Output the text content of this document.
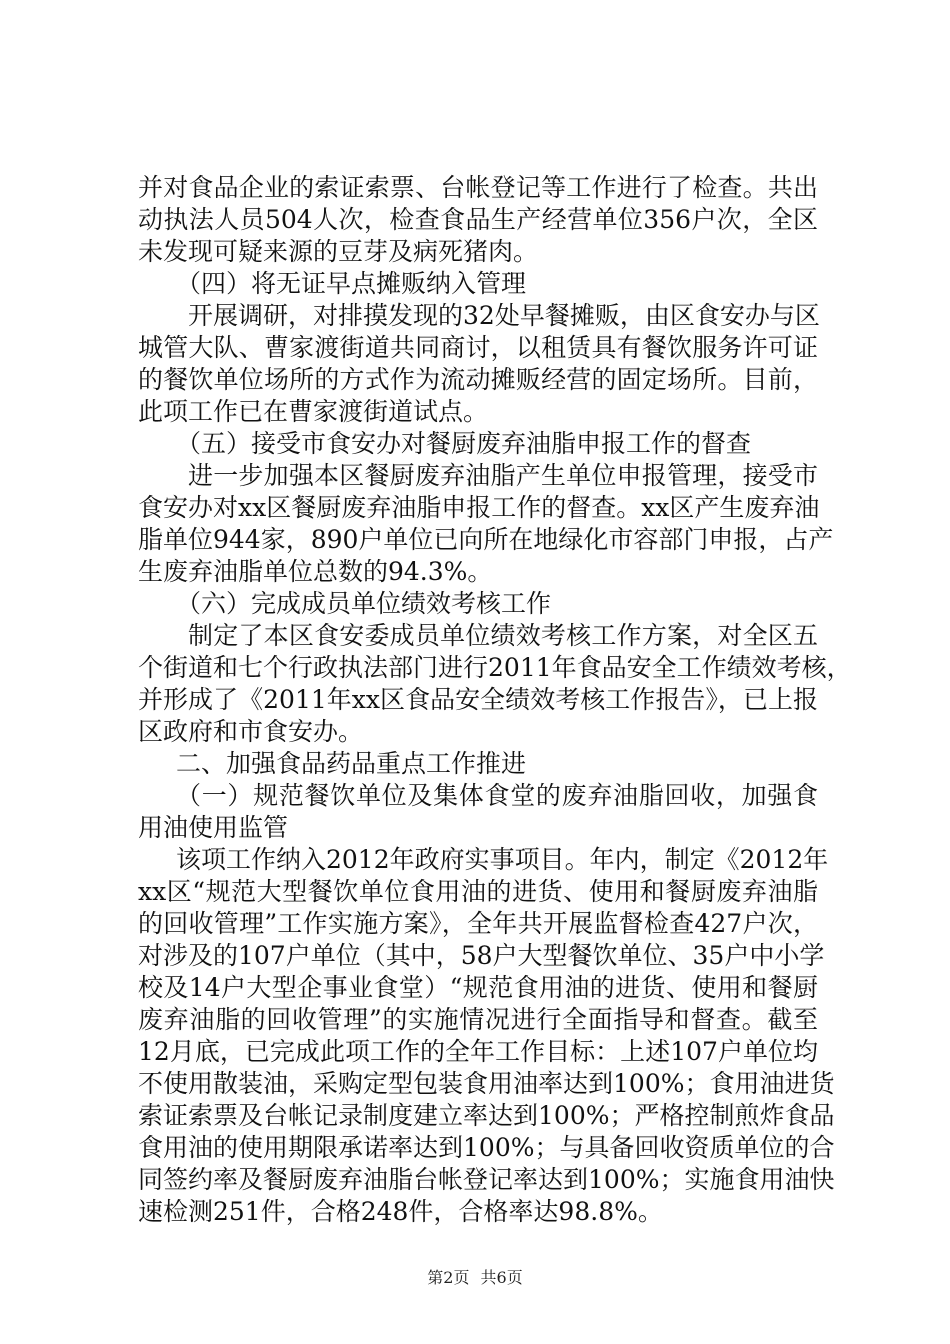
并对食品企业的索证索票、台帐登记等工作进行了检查。共出
动执法人员504人次，检查食品生产经营单位356户次，全区
未发现可疑来源的豆芽及病死猪肉。
（四）将无证早点摊贩纳入管理
开展调研，对排摸发现的32处早餐摊贩，由区食安办与区
城管大队、曹家渡街道共同商讨，以租赁具有餐饮服务许可证
的餐饮单位场所的方式作为流动摊贩经营的固定场所。目前，
此项工作已在曹家渡街道试点。
（五）接受市食安办对餐厨废弃油脂申报工作的督查
进一步加强本区餐厨废弃油脂产生单位申报管理，接受市
食安办对xx区餐厨废弃油脂申报工作的督查。xx区产生废弃油
脂单位944家，890户单位已向所在地绿化市容部门申报，占产
生废弃油脂单位总数的94.3%。
（六）完成成员单位绩效考核工作
制定了本区食安委成员单位绩效考核工作方案，对全区五
个街道和七个行政执法部门进行2011年食品安全工作绩效考核，
并形成了《2011年xx区食品安全绩效考核工作报告》，已上报
区政府和市食安办。
二、加强食品药品重点工作推进
（一）规范餐饮单位及集体食堂的废弃油脂回收，加强食
用油使用监管
该项工作纳入2012年政府实事项目。年内，制定《2012年
xx区“规范大型餐饮单位食用油的进货、使用和餐厨废弃油脂
的回收管理”工作实施方案》，全年共开展监督检查427户次，
对涉及的107户单位（其中，58户大型餐饮单位、35户中小学
校及14户大型企事业食堂）“规范食用油的进货、使用和餐厨
废弃油脂的回收管理”的实施情况进行全面指导和督查。截至
12月底，已完成此项工作的全年工作目标：上述107户单位均
不使用散装油，采购定型包装食用油率达到100%；食用油进货
索证索票及台帐记录制度建立率达到100%；严格控制煎炸食品
食用油的使用期限承诺率达到100%；与具备回收资质单位的合
同签约率及餐厨废弃油脂台帐登记率达到100%；实施食用油快
速检测251件，合格248件，合格率达98.8%。
第2页 共6页
